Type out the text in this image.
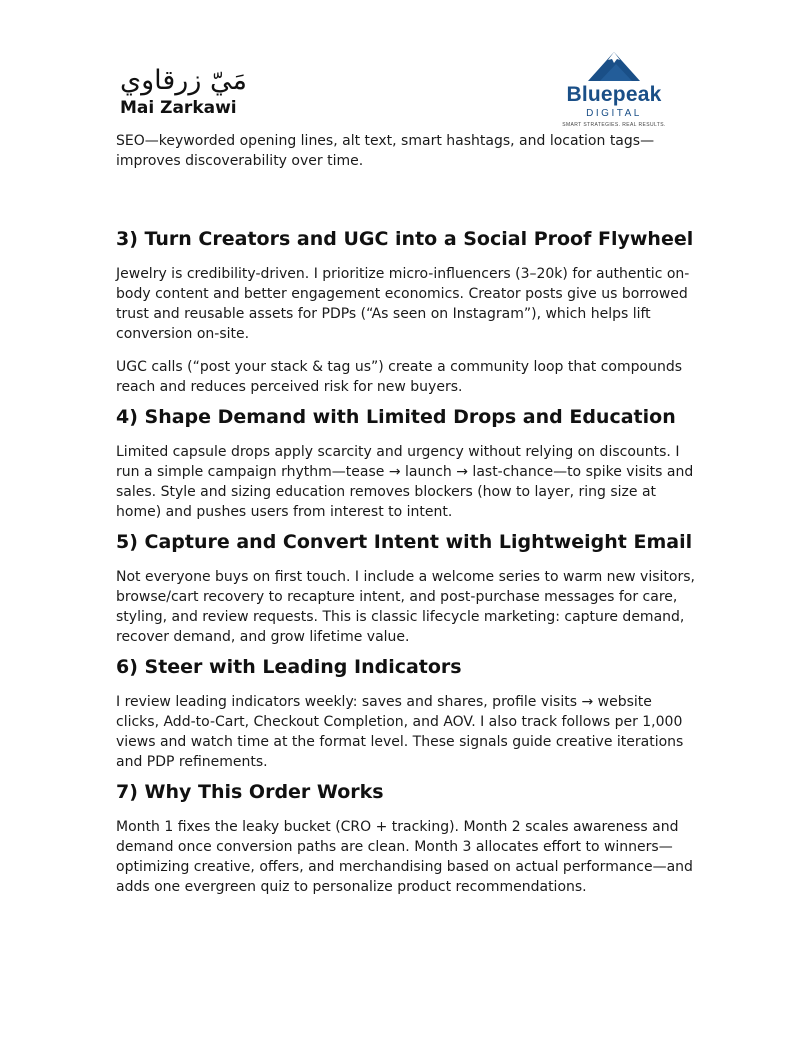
مَيّ زرقاوي
Mai Zarkawi
Bluepeak
DIGITAL
SMART STRATEGIES. REAL RESULTS.

SEO—keyworded opening lines, alt text, smart hashtags, and location tags—improves discoverability over time.

3) Turn Creators and UGC into a Social Proof Flywheel

Jewelry is credibility-driven. I prioritize micro-influencers (3–20k) for authentic on-body content and better engagement economics. Creator posts give us borrowed trust and reusable assets for PDPs (“As seen on Instagram”), which helps lift conversion on-site.

UGC calls (“post your stack & tag us”) create a community loop that compounds reach and reduces perceived risk for new buyers.

4) Shape Demand with Limited Drops and Education

Limited capsule drops apply scarcity and urgency without relying on discounts. I run a simple campaign rhythm—tease → launch → last-chance—to spike visits and sales. Style and sizing education removes blockers (how to layer, ring size at home) and pushes users from interest to intent.

5) Capture and Convert Intent with Lightweight Email

Not everyone buys on first touch. I include a welcome series to warm new visitors, browse/cart recovery to recapture intent, and post-purchase messages for care, styling, and review requests. This is classic lifecycle marketing: capture demand, recover demand, and grow lifetime value.

6) Steer with Leading Indicators

I review leading indicators weekly: saves and shares, profile visits → website clicks, Add-to-Cart, Checkout Completion, and AOV. I also track follows per 1,000 views and watch time at the format level. These signals guide creative iterations and PDP refinements.

7) Why This Order Works

Month 1 fixes the leaky bucket (CRO + tracking). Month 2 scales awareness and demand once conversion paths are clean. Month 3 allocates effort to winners—optimizing creative, offers, and merchandising based on actual performance—and adds one evergreen quiz to personalize product recommendations.
